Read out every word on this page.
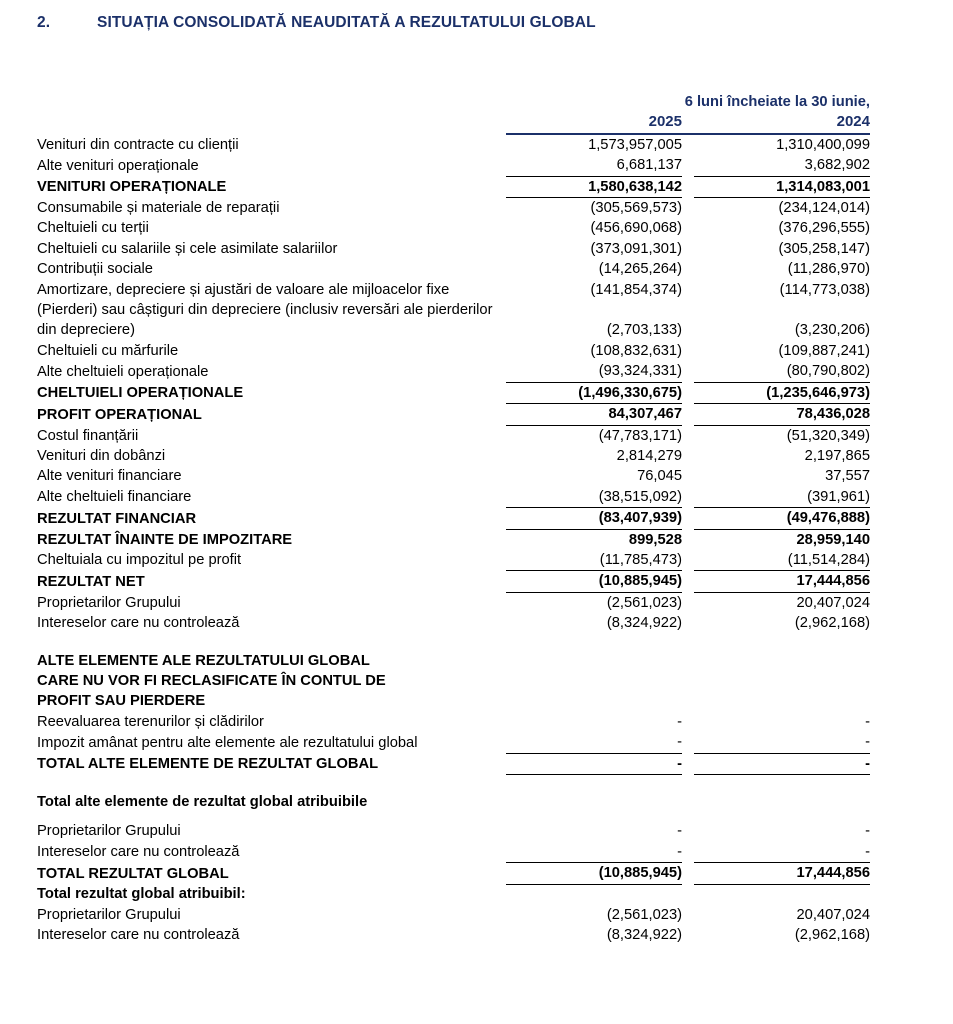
2.	SITUAȚIA CONSOLIDATĂ NEAUDITATĂ A REZULTATULUI GLOBAL
	6 luni încheiate la 30 iunie,		
	2025		2024
Venituri din contracte cu clienții	1,573,957,005		1,310,400,099
Alte venituri operaționale	6,681,137		3,682,902
VENITURI OPERAȚIONALE	1,580,638,142		1,314,083,001
Consumabile și materiale de reparații	(305,569,573)		(234,124,014)
Cheltuieli cu terții	(456,690,068)		(376,296,555)
Cheltuieli cu salariile și cele asimilate salariilor	(373,091,301)		(305,258,147)
Contribuții sociale	(14,265,264)		(11,286,970)
Amortizare, depreciere și ajustări de valoare ale mijloacelor fixe	(141,854,374)		(114,773,038)
(Pierderi) sau câștiguri din depreciere (inclusiv reversări ale pierderilor din depreciere)	(2,703,133)		(3,230,206)
Cheltuieli cu mărfurile	(108,832,631)		(109,887,241)
Alte cheltuieli operaționale	(93,324,331)		(80,790,802)
CHELTUIELI OPERAȚIONALE	(1,496,330,675)		(1,235,646,973)
PROFIT OPERAȚIONAL	84,307,467		78,436,028
Costul finanțării	(47,783,171)		(51,320,349)
Venituri din dobânzi	2,814,279		2,197,865
Alte venituri financiare	76,045		37,557
Alte cheltuieli financiare	(38,515,092)		(391,961)
REZULTAT FINANCIAR	(83,407,939)		(49,476,888)
REZULTAT ÎNAINTE DE IMPOZITARE	899,528		28,959,140
Cheltuiala cu impozitul pe profit	(11,785,473)		(11,514,284)
REZULTAT NET	(10,885,945)		17,444,856
Proprietarilor Grupului	(2,561,023)		20,407,024
Intereselor care nu controlează	(8,324,922)		(2,962,168)

ALTE ELEMENTE ALE REZULTATULUI GLOBAL			
CARE NU VOR FI RECLASIFICATE ÎN CONTUL DE			
PROFIT SAU PIERDERE			
Reevaluarea terenurilor și clădirilor	-		-
Impozit amânat pentru alte elemente ale rezultatului global	-		-
TOTAL ALTE ELEMENTE DE REZULTAT GLOBAL	-		-

Total alte elemente de rezultat global atribuibile			

Proprietarilor Grupului	-		-
Intereselor care nu controlează	-		-
TOTAL REZULTAT GLOBAL	(10,885,945)		17,444,856
Total rezultat global atribuibil:			
Proprietarilor Grupului	(2,561,023)		20,407,024
Intereselor care nu controlează	(8,324,922)		(2,962,168)
